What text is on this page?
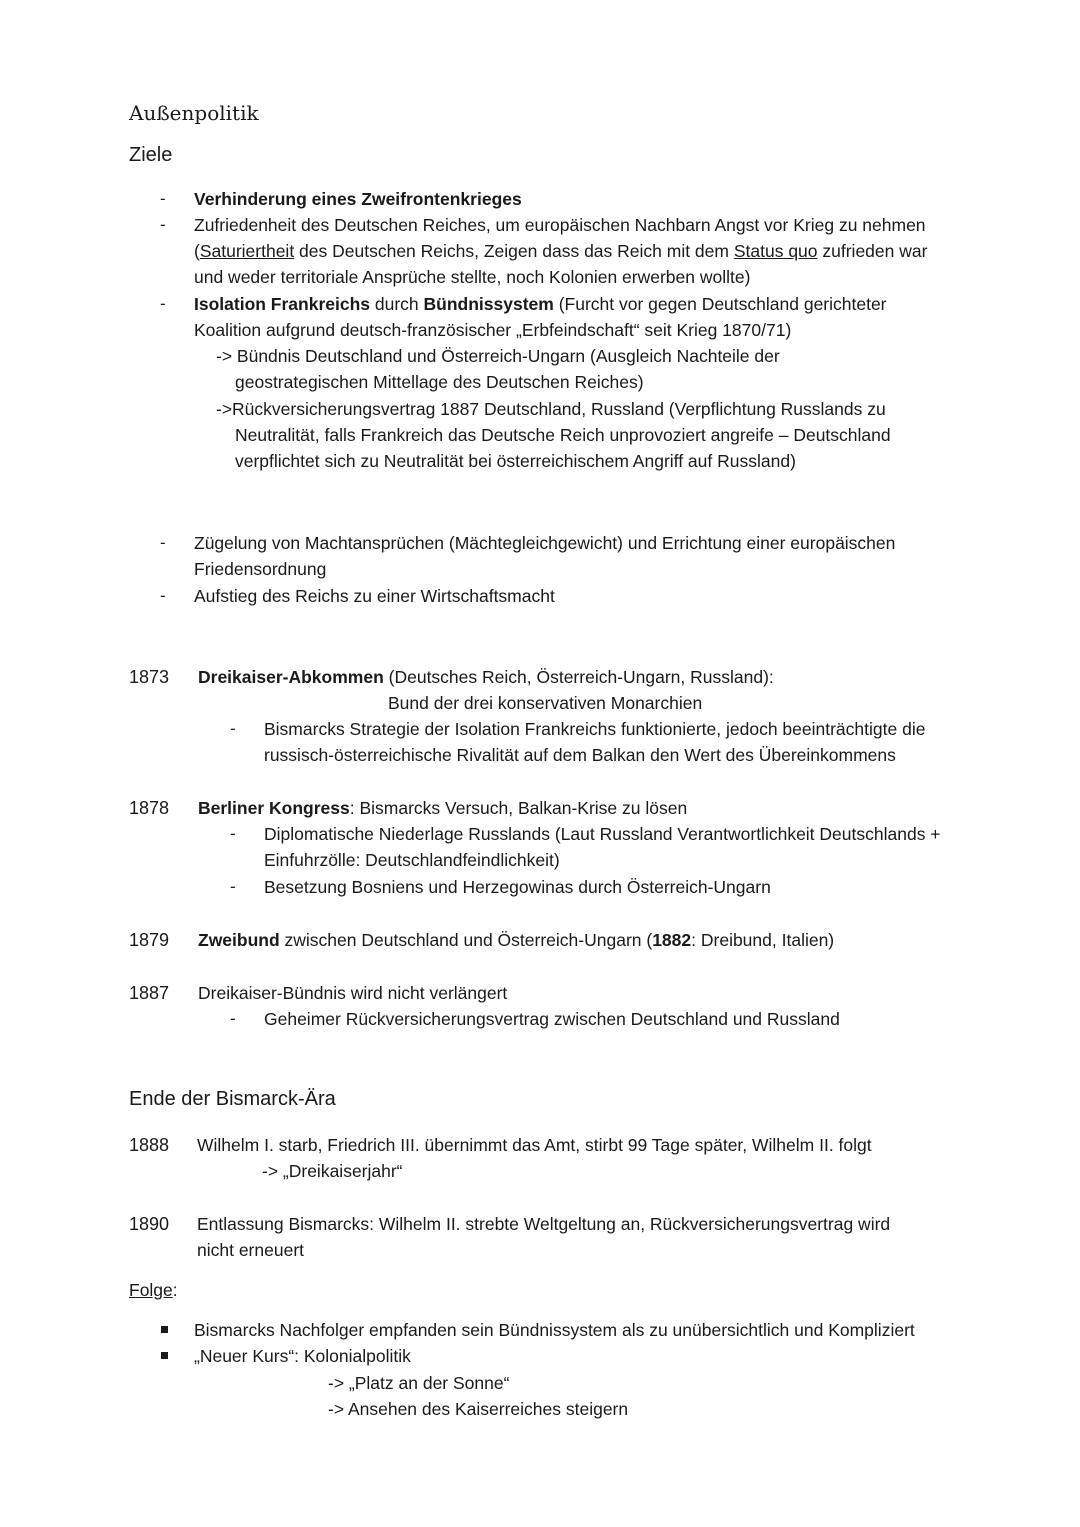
Außenpolitik
Ziele
- Verhinderung eines Zweifrontenkrieges
- Zufriedenheit des Deutschen Reiches, um europäischen Nachbarn Angst vor Krieg zu nehmen
(Saturiertheit des Deutschen Reichs, Zeigen dass das Reich mit dem Status quo zufrieden war
und weder territoriale Ansprüche stellte, noch Kolonien erwerben wollte)
- Isolation Frankreichs durch Bündnissystem (Furcht vor gegen Deutschland gerichteter
Koalition aufgrund deutsch-französischer „Erbfeindschaft“ seit Krieg 1870/71)
-> Bündnis Deutschland und Österreich-Ungarn (Ausgleich Nachteile der
geostrategischen Mittellage des Deutschen Reiches)
->Rückversicherungsvertrag 1887 Deutschland, Russland (Verpflichtung Russlands zu
Neutralität, falls Frankreich das Deutsche Reich unprovoziert angreife – Deutschland
verpflichtet sich zu Neutralität bei österreichischem Angriff auf Russland)
- Zügelung von Machtansprüchen (Mächtegleichgewicht) und Errichtung einer europäischen
Friedensordnung
- Aufstieg des Reichs zu einer Wirtschaftsmacht
1873 Dreikaiser-Abkommen (Deutsches Reich, Österreich-Ungarn, Russland):
Bund der drei konservativen Monarchien
- Bismarcks Strategie der Isolation Frankreichs funktionierte, jedoch beeinträchtigte die
russisch-österreichische Rivalität auf dem Balkan den Wert des Übereinkommens
1878 Berliner Kongress: Bismarcks Versuch, Balkan-Krise zu lösen
- Diplomatische Niederlage Russlands (Laut Russland Verantwortlichkeit Deutschlands +
Einfuhrzölle: Deutschlandfeindlichkeit)
- Besetzung Bosniens und Herzegowinas durch Österreich-Ungarn
1879 Zweibund zwischen Deutschland und Österreich-Ungarn (1882: Dreibund, Italien)
1887 Dreikaiser-Bündnis wird nicht verlängert
- Geheimer Rückversicherungsvertrag zwischen Deutschland und Russland
Ende der Bismarck-Ära
1888 Wilhelm I. starb, Friedrich III. übernimmt das Amt, stirbt 99 Tage später, Wilhelm II. folgt
-> „Dreikaiserjahr“
1890 Entlassung Bismarcks: Wilhelm II. strebte Weltgeltung an, Rückversicherungsvertrag wird
nicht erneuert
Folge:
Bismarcks Nachfolger empfanden sein Bündnissystem als zu unübersichtlich und Kompliziert
„Neuer Kurs“: Kolonialpolitik
-> „Platz an der Sonne“
-> Ansehen des Kaiserreiches steigern
